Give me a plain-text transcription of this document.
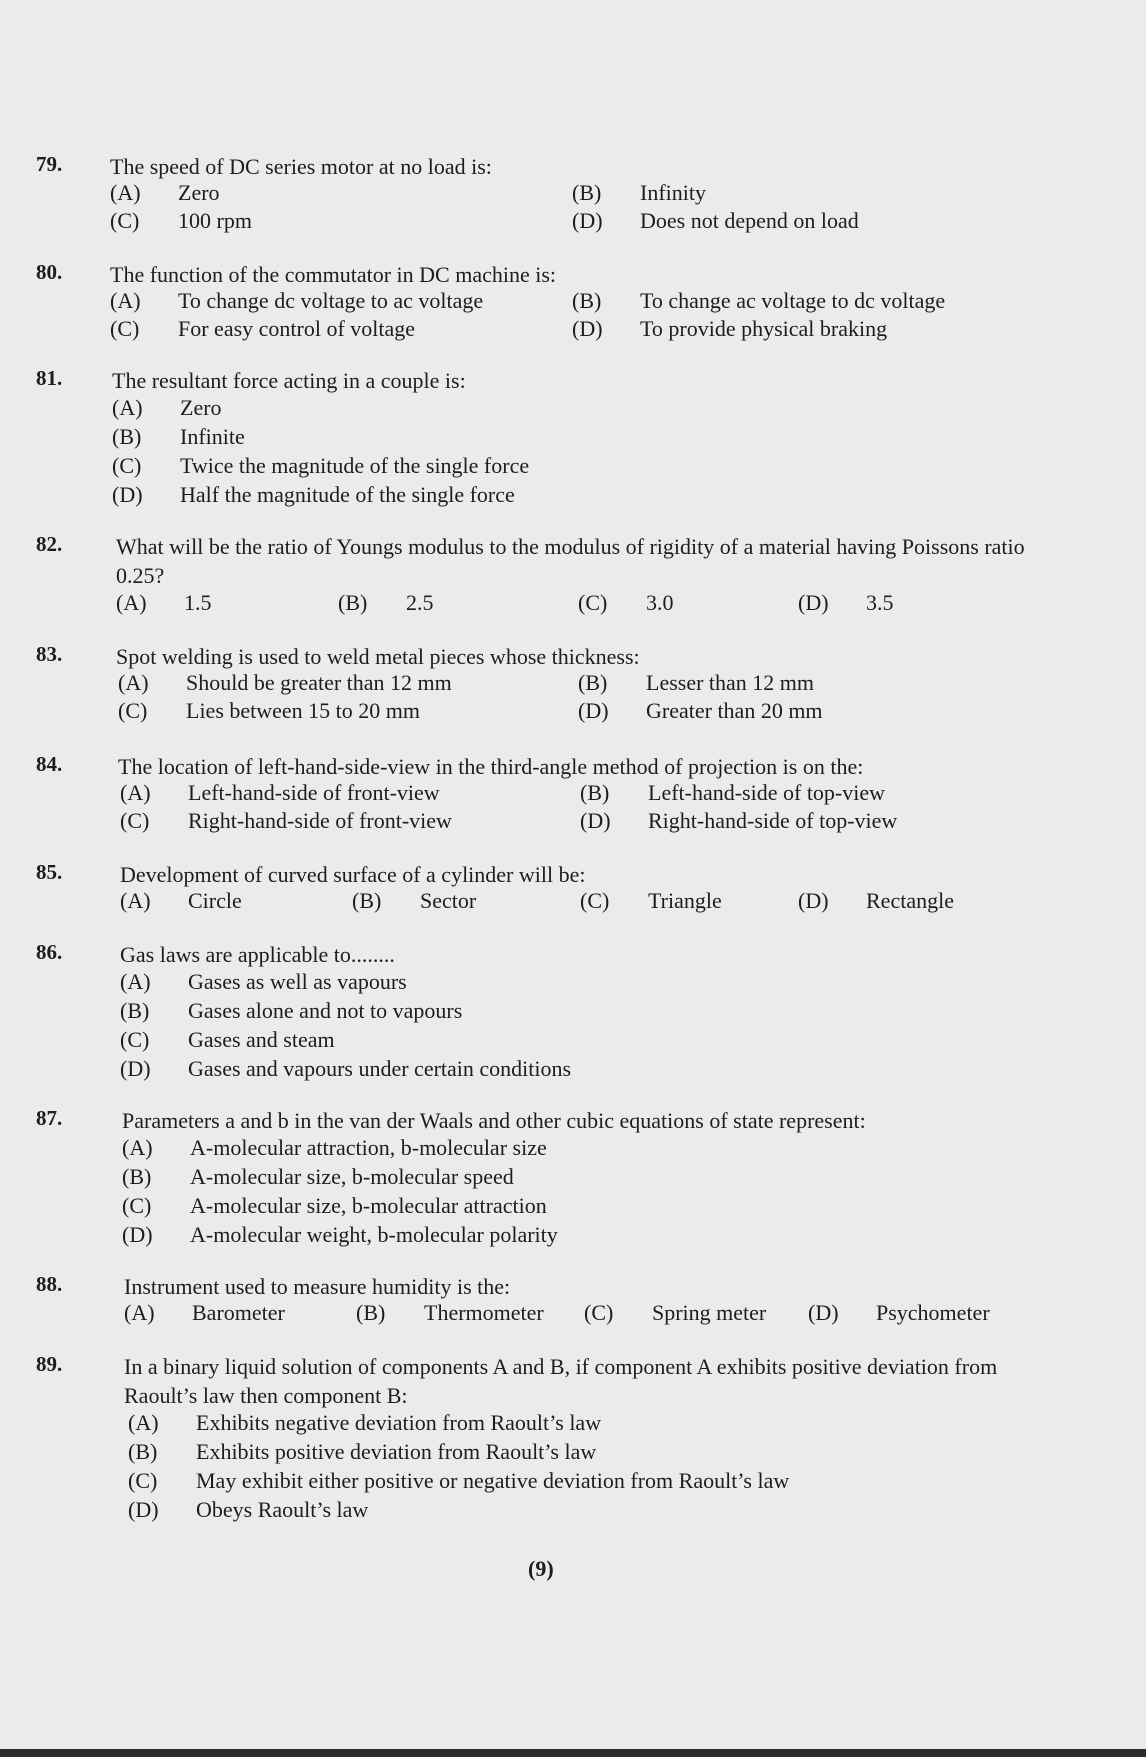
79. The speed of DC series motor at no load is:
(A) Zero	(B) Infinity
(C) 100 rpm	(D) Does not depend on load
80. The function of the commutator in DC machine is:
(A) To change dc voltage to ac voltage	(B) To change ac voltage to dc voltage
(C) For easy control of voltage	(D) To provide physical braking
81. The resultant force acting in a couple is:
(A) Zero
(B) Infinite
(C) Twice the magnitude of the single force
(D) Half the magnitude of the single force
82. What will be the ratio of Youngs modulus to the modulus of rigidity of a material having Poissons ratio 0.25?
(A) 1.5	(B) 2.5	(C) 3.0	(D) 3.5
83. Spot welding is used to weld metal pieces whose thickness:
(A) Should be greater than 12 mm	(B) Lesser than 12 mm
(C) Lies between 15 to 20 mm	(D) Greater than 20 mm
84.	The location of left-hand-side-view in the third-angle method of projection is on the:
(A) Left-hand-side of front-view	(B) Left-hand-side of top-view
(C) Right-hand-side of front-view	(D) Right-hand-side of top-view
85.	Development of curved surface of a cylinder will be:
(A) Circle	(B) Sector	(C) Triangle	(D) Rectangle
86.	Gas laws are applicable to........
(A) Gases as well as vapours
(B) Gases alone and not to vapours
(C) Gases and steam
(D) Gases and vapours under certain conditions
87.	Parameters a and b in the van der Waals and other cubic equations of state represent:
(A) A-molecular attraction, b-molecular size
(B) A-molecular size, b-molecular speed
(C) A-molecular size, b-molecular attraction
(D) A-molecular weight, b-molecular polarity
88.	Instrument used to measure humidity is the:
(A) Barometer	(B) Thermometer (C) Spring meter (D) Psychometer
89.	In a binary liquid solution of components A and B, if component A exhibits positive deviation from Raoult’s law then component B:
(A) Exhibits negative deviation from Raoult’s law
(B) Exhibits positive deviation from Raoult’s law
(C) May exhibit either positive or negative deviation from Raoult’s law
(D) Obeys Raoult’s law
(9)
